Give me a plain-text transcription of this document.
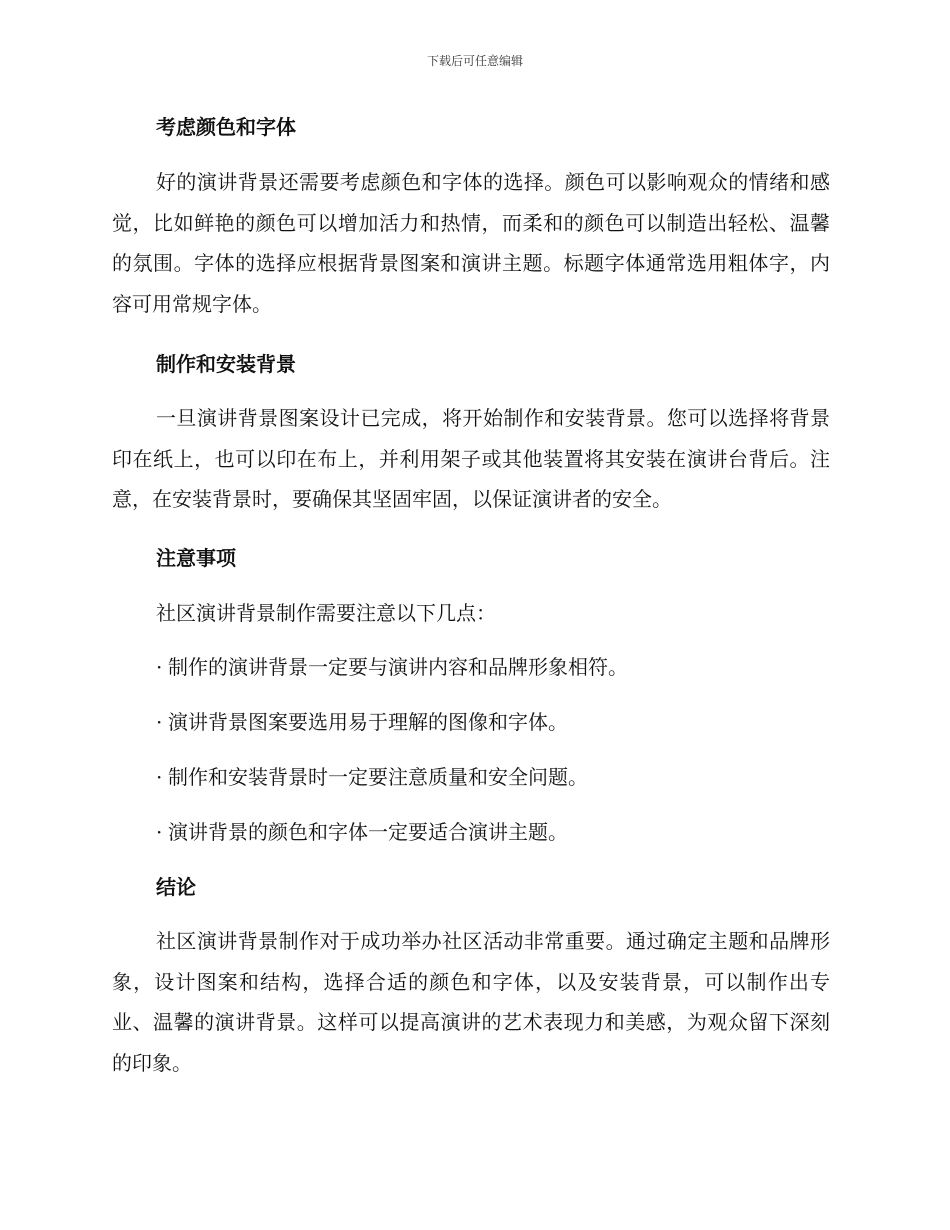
下载后可任意编辑
考虑颜色和字体

好的演讲背景还需要考虑颜色和字体的选择。颜色可以影响观众的情绪和感觉，比如鲜艳的颜色可以增加活力和热情，而柔和的颜色可以制造出轻松、温馨的氛围。字体的选择应根据背景图案和演讲主题。标题字体通常选用粗体字，内容可用常规字体。

制作和安装背景

一旦演讲背景图案设计已完成，将开始制作和安装背景。您可以选择将背景印在纸上，也可以印在布上，并利用架子或其他装置将其安装在演讲台背后。注意，在安装背景时，要确保其坚固牢固，以保证演讲者的安全。

注意事项

社区演讲背景制作需要注意以下几点：

· 制作的演讲背景一定要与演讲内容和品牌形象相符。
· 演讲背景图案要选用易于理解的图像和字体。
· 制作和安装背景时一定要注意质量和安全问题。
· 演讲背景的颜色和字体一定要适合演讲主题。
结论

社区演讲背景制作对于成功举办社区活动非常重要。通过确定主题和品牌形象，设计图案和结构，选择合适的颜色和字体，以及安装背景，可以制作出专业、温馨的演讲背景。这样可以提高演讲的艺术表现力和美感，为观众留下深刻的印象。
